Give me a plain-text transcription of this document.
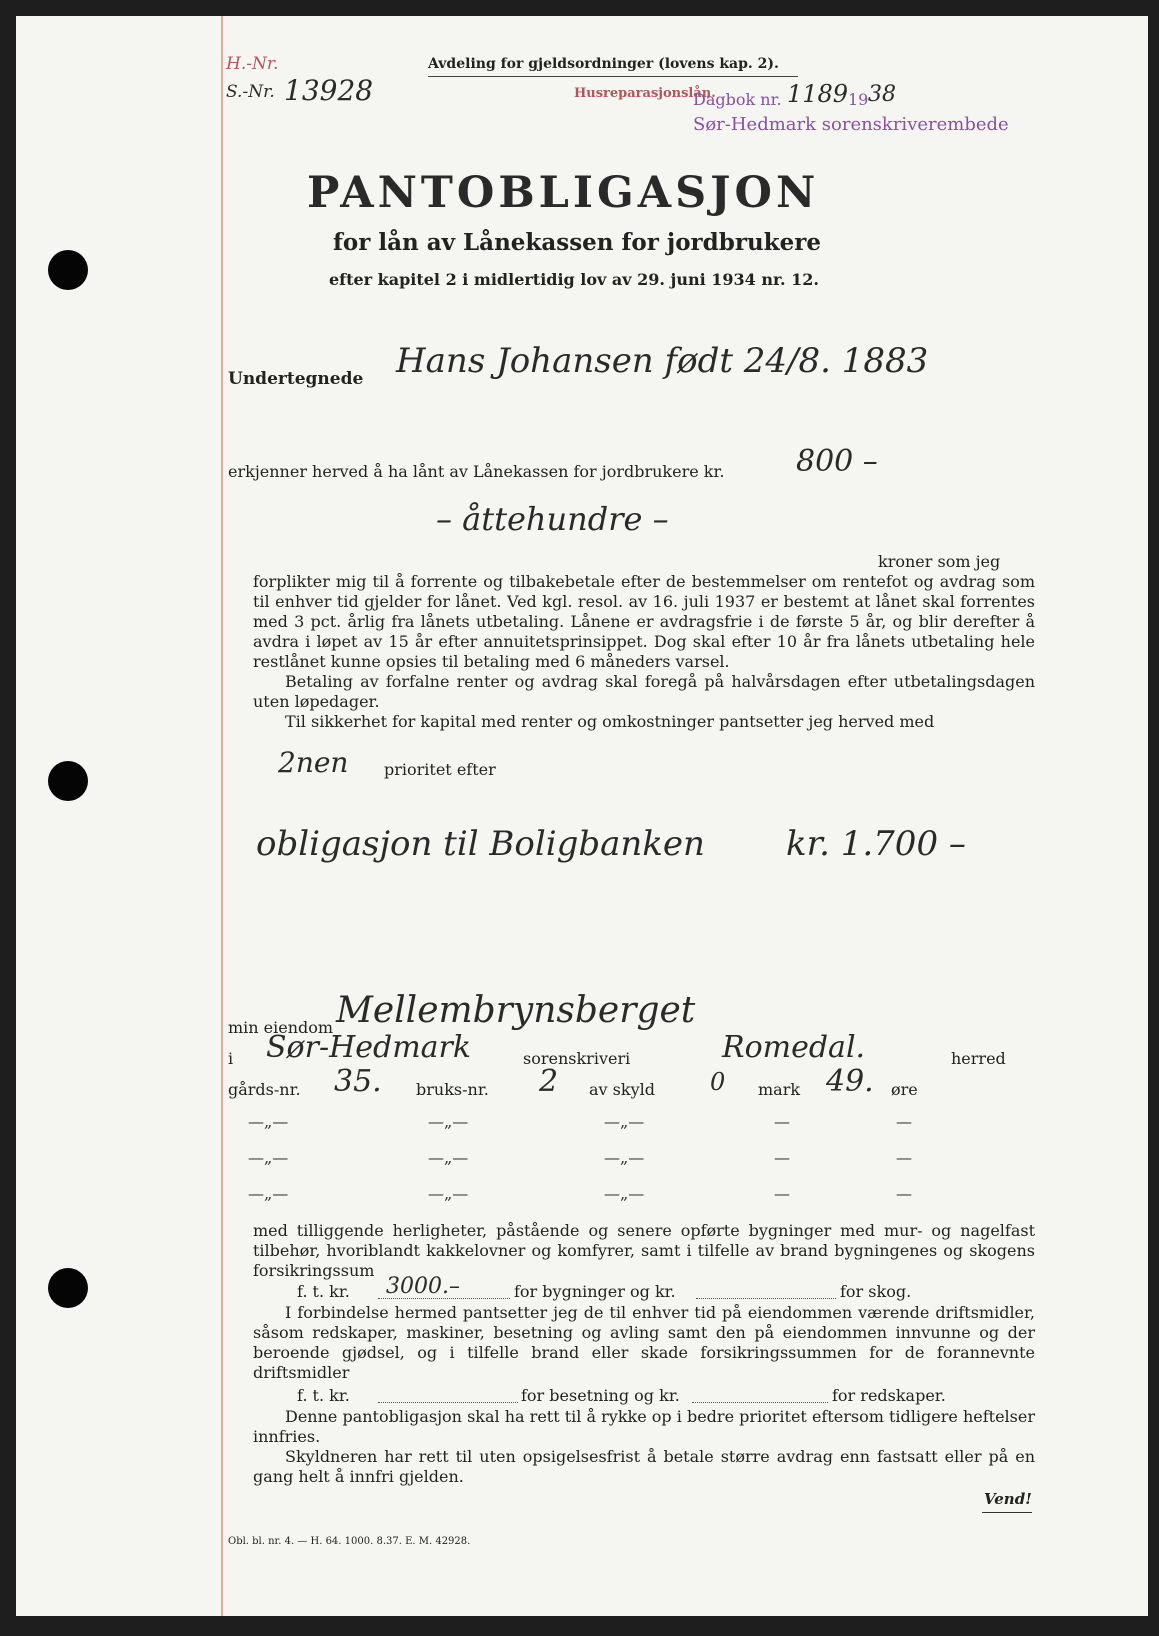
H.-Nr.
S.-Nr. 13928
Avdeling for gjeldsordninger (lovens kap. 2).
Husreparasjonslån.
Dagbok nr. 1189 19 38
Sør-Hedmark sorenskriverembede
PANTOBLIGASJON
for lån av Lånekassen for jordbrukere
efter kapitel 2 i midlertidig lov av 29. juni 1934 nr. 12.
Undertegnede Hans Johansen født 24/8. 1883
erkjenner herved å ha lånt av Lånekassen for jordbrukere kr. 800 –
– åttehundre –
kroner som jeg

forplikter mig til å forrente og tilbakebetale efter de bestemmelser om rentefot og avdrag som til enhver tid gjelder for lånet. Ved kgl. resol. av 16. juli 1937 er bestemt at lånet skal forrentes med 3 pct. årlig fra lånets utbetaling. Lånene er avdragsfrie i de første 5 år, og blir derefter å avdra i løpet av 15 år efter annuitetsprinsippet. Dog skal efter 10 år fra lånets utbetaling hele restlånet kunne opsies til betaling med 6 måneders varsel.

Betaling av forfalne renter og avdrag skal foregå på halvårsdagen efter utbetalingsdagen uten løpedager.

Til sikkerhet for kapital med renter og omkostninger pantsetter jeg herved med

2nen prioritet efter
obligasjon til Boligbanken kr. 1.700 –
Mellembrynsberget
min eiendom
i Sør-Hedmark	sorenskriveri	Romedal.	herred
gårds-nr. 35. bruks-nr. 2 av skyld 0 mark 49. øre
—„—	—„—	—„—	—	—
—„—	—„—	—„—	—	—
—„—	—„—	—„—	—	—

med tilliggende herligheter, påstående og senere opførte bygninger med mur- og nagelfast tilbehør, hvoriblandt kakkelovner og komfyrer, samt i tilfelle av brand bygningenes og skogens forsikringssum

f. t. kr. 3000.–	for bygninger og kr.	for skog.

I forbindelse hermed pantsetter jeg de til enhver tid på eiendommen værende driftsmidler, såsom redskaper, maskiner, besetning og avling samt den på eiendommen innvunne og der beroende gjødsel, og i tilfelle brand eller skade forsikringssummen for de forannevnte driftsmidler

f. t. kr.	for besetning og kr.	for redskaper.

Denne pantobligasjon skal ha rett til å rykke op i bedre prioritet eftersom tidligere heftelser innfries.

Skyldneren har rett til uten opsigelsesfrist å betale større avdrag enn fastsatt eller på en gang helt å innfri gjelden.

Vend!
Obl. bl. nr. 4. — H. 64. 1000. 8.37. E. M. 42928.
